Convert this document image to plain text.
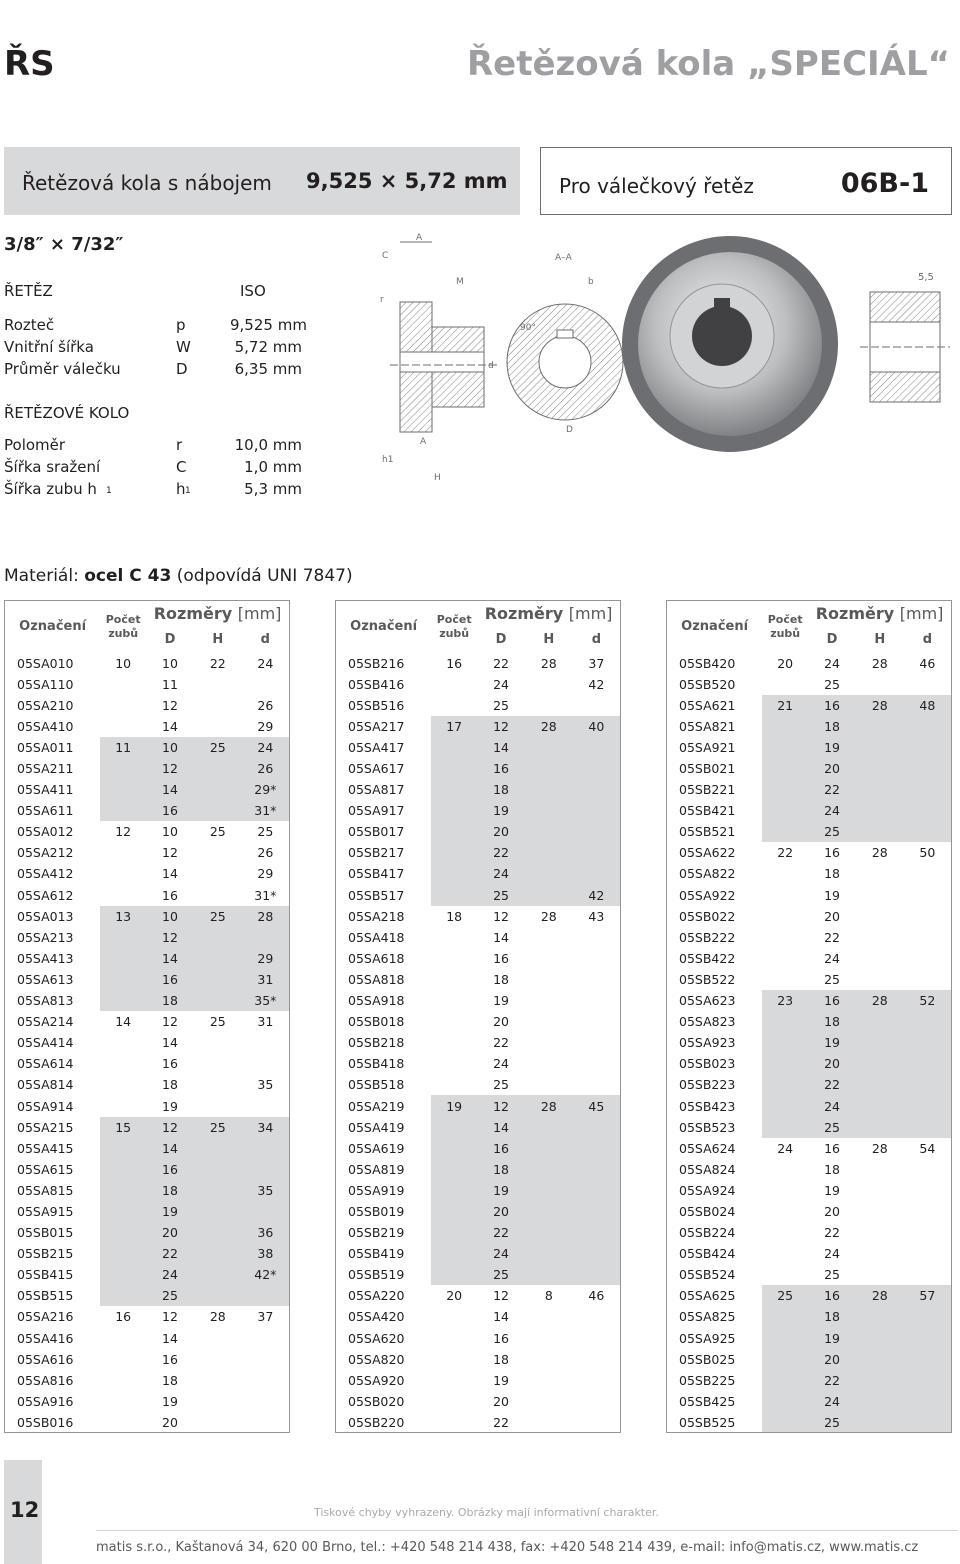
ŘS	Řetězová kola „SPECIÁL“
Řetězová kola s nábojem 9,525 × 5,72 mm	Pro válečkový řetěz	06B-1
3/8″ × 7/32″
ŘETĚZ	ISO
Rozteč	p	9,525 mm
Vnitřní šířka	W	5,72 mm
Průměr válečku	D	6,35 mm
ŘETĚZOVÉ KOLO
Poloměr	r	10,0 mm
Šířka sražení	C	1,0 mm
Šířka zubu h	h	5,3 mm
1	1
A
C
r
M
d
A
h1
H
A–A
b
90°
D
5,5
Materiál: ocel C 43 (odpovídá UNI 7847)
Označení	Počet
zubů	Rozměry [mm]		
		D	H	d
05SA010	10	10	22	24
05SA110		11		
05SA210		12		26
05SA410		14		29
05SA011	11	10	25	24
05SA211		12		26
05SA411		14		29*
05SA611		16		31*
05SA012	12	10	25	25
05SA212		12		26
05SA412		14		29
05SA612		16		31*
05SA013	13	10	25	28
05SA213		12		
05SA413		14		29
05SA613		16		31
05SA813		18		35*
05SA214	14	12	25	31
05SA414		14		
05SA614		16		
05SA814		18		35
05SA914		19		
05SA215	15	12	25	34
05SA415		14		
05SA615		16		
05SA815		18		35
05SA915		19		
05SB015		20		36
05SB215		22		38
05SB415		24		42*
05SB515		25		
05SA216	16	12	28	37
05SA416		14		
05SA616		16		
05SA816		18		
05SA916		19		
05SB016		20		
Označení	Počet
zubů	Rozměry [mm]		
		D	H	d
05SB216	16	22	28	37
05SB416		24		42
05SB516		25		
05SA217	17	12	28	40
05SA417		14		
05SA617		16		
05SA817		18		
05SA917		19		
05SB017		20		
05SB217		22		
05SB417		24		
05SB517		25		42
05SA218	18	12	28	43
05SA418		14		
05SA618		16		
05SA818		18		
05SA918		19		
05SB018		20		
05SB218		22		
05SB418		24		
05SB518		25		
05SA219	19	12	28	45
05SA419		14		
05SA619		16		
05SA819		18		
05SA919		19		
05SB019		20		
05SB219		22		
05SB419		24		
05SB519		25		
05SA220	20	12	8	46
05SA420		14		
05SA620		16		
05SA820		18		
05SA920		19		
05SB020		20		
05SB220		22		
Označení	Počet
zubů	Rozměry [mm]		
		D	H	d
05SB420	20	24	28	46
05SB520		25		
05SA621	21	16	28	48
05SA821		18		
05SA921		19		
05SB021		20		
05SB221		22		
05SB421		24		
05SB521		25		
05SA622	22	16	28	50
05SA822		18		
05SA922		19		
05SB022		20		
05SB222		22		
05SB422		24		
05SB522		25		
05SA623	23	16	28	52
05SA823		18		
05SA923		19		
05SB023		20		
05SB223		22		
05SB423		24		
05SB523		25		
05SA624	24	16	28	54
05SA824		18		
05SA924		19		
05SB024		20		
05SB224		22		
05SB424		24		
05SB524		25		
05SA625	25	16	28	57
05SA825		18		
05SA925		19		
05SB025		20		
05SB225		22		
05SB425		24		
05SB525		25		
12	Tiskové chyby vyhrazeny. Obrázky mají informativní charakter.
matis s.r.o., Kaštanová 34, 620 00 Brno, tel.: +420 548 214 438, fax: +420 548 214 439, e-mail: info@matis.cz, www.matis.cz
